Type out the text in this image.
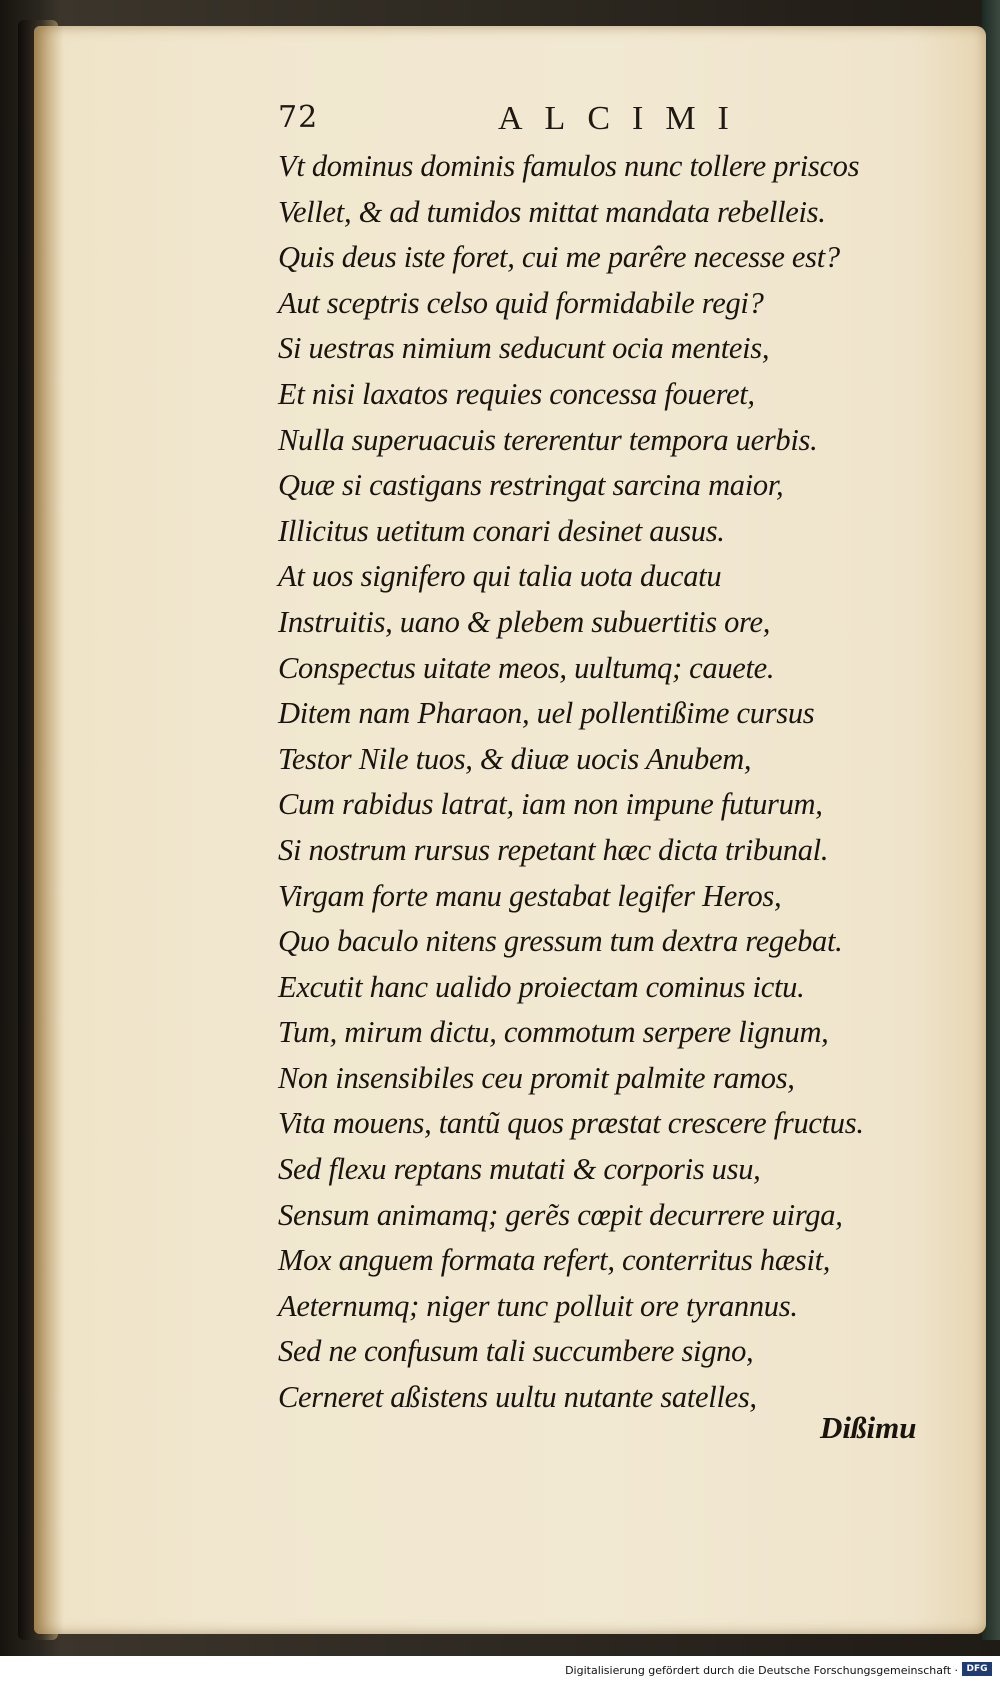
72	ALCIMI
Vt dominus dominis famulos nunc tollere priscos
Vellet, & ad tumidos mittat mandata rebelleis.
Quis deus iste foret, cui me parêre necesse est?
Aut sceptris celso quid formidabile regi?
Si uestras nimium seducunt ocia menteis,
Et nisi laxatos requies concessa foueret,
Nulla superuacuis tererentur tempora uerbis.
Quæ si castigans restringat sarcina maior,
Illicitus uetitum conari desinet ausus.
At uos signifero qui talia uota ducatu
Instruitis, uano & plebem subuertitis ore,
Conspectus uitate meos, uultumq; cauete.
Ditem nam Pharaon, uel pollentißime cursus
Testor Nile tuos, & diuæ uocis Anubem,
Cum rabidus latrat, iam non impune futurum,
Si nostrum rursus repetant hæc dicta tribunal.
Virgam forte manu gestabat legifer Heros,
Quo baculo nitens gressum tum dextra regebat.
Excutit hanc ualido proiectam cominus ictu.
Tum, mirum dictu, commotum serpere lignum,
Non insensibiles ceu promit palmite ramos,
Vita mouens, tantũ quos præstat crescere fructus.
Sed flexu reptans mutati & corporis usu,
Sensum animamq; gerẽs cœpit decurrere uirga,
Mox anguem formata refert, conterritus hæsit,
Aeternumq; niger tunc polluit ore tyrannus.
Sed ne confusum tali succumbere signo,
Cerneret aßistens uultu nutante satelles,
Dißimu
Digitalisierung gefördert durch die Deutsche Forschungsgemeinschaft · DFG
